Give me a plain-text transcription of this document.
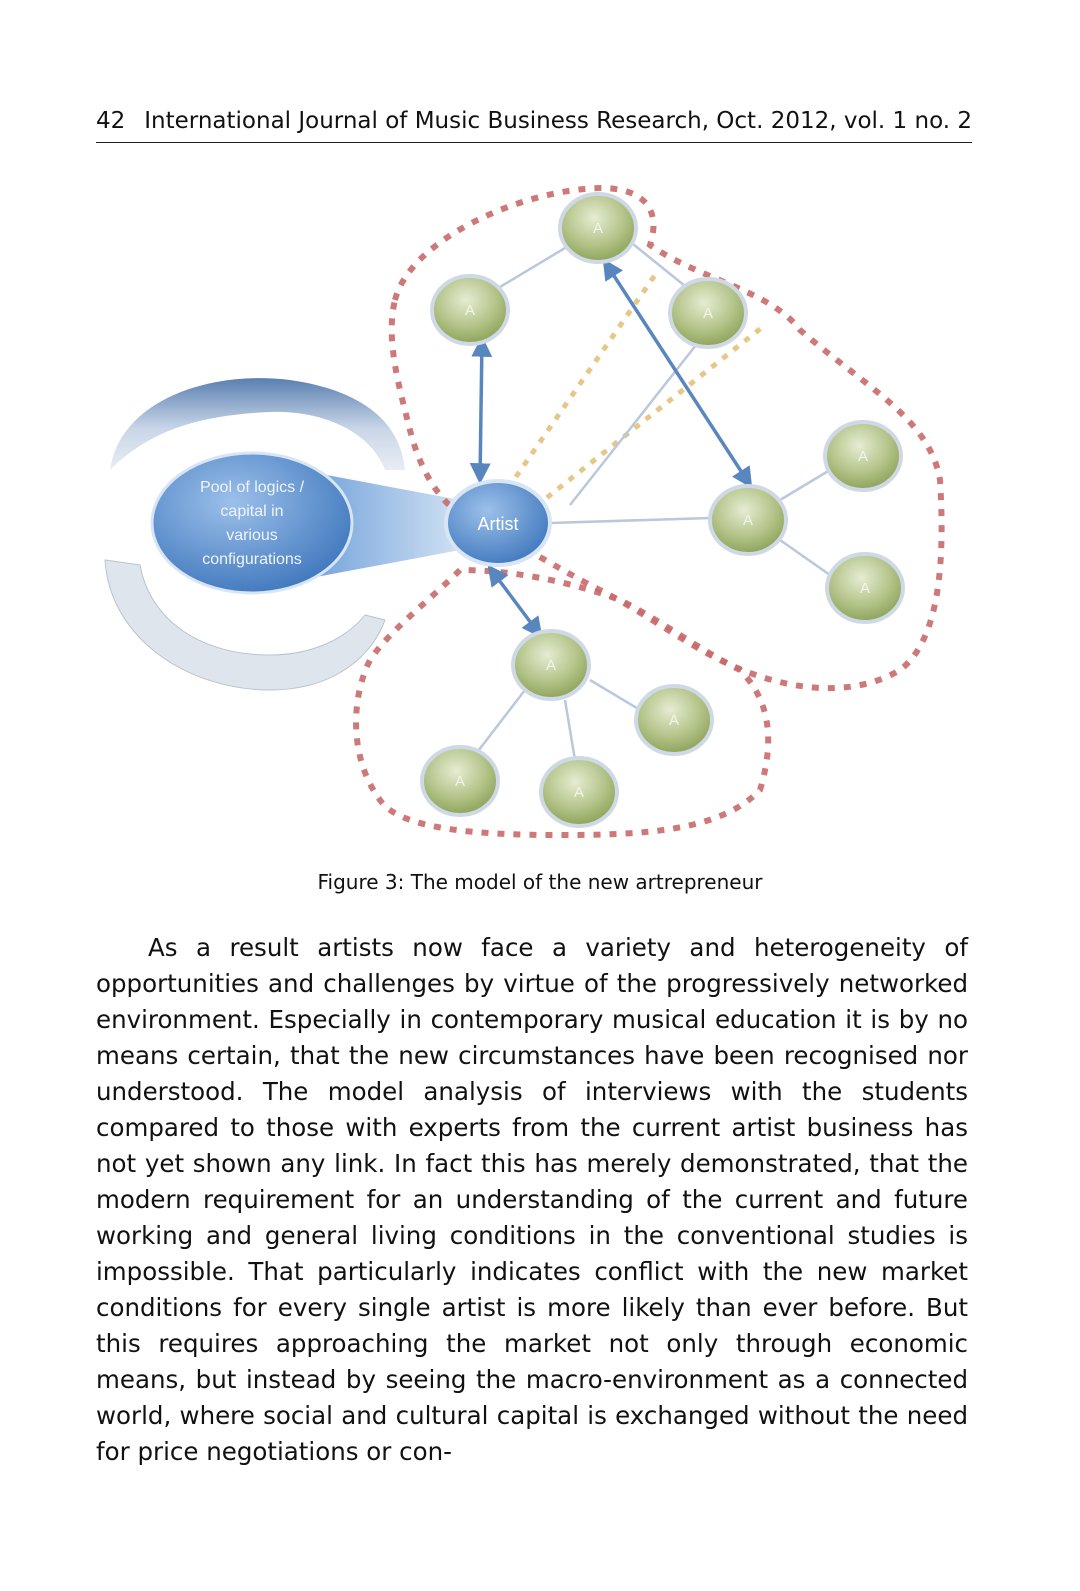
42 International Journal of Music Business Research, Oct. 2012, vol. 1 no. 2
Pool of logics /
capital in
various
configurations
Artist
A
A
A
A
A
A
A
A
A
A
Figure 3: The model of the new artrepreneur

As a result artists now face a variety and heterogeneity of opportunities and challenges by virtue of the progressively networked environment. Especially in contemporary musical education it is by no means certain, that the new circumstances have been recognised nor understood. The model analysis of interviews with the students compared to those with experts from the current artist business has not yet shown any link. In fact this has merely demonstrated, that the modern requirement for an understanding of the current and future working and general living conditions in the conventional studies is impossible. That particularly indicates conflict with the new market conditions for every single artist is more likely than ever before. But this requires approaching the market not only through economic means, but instead by seeing the macro-environment as a connected world, where social and cultural capital is exchanged without the need for price negotiations or con-
